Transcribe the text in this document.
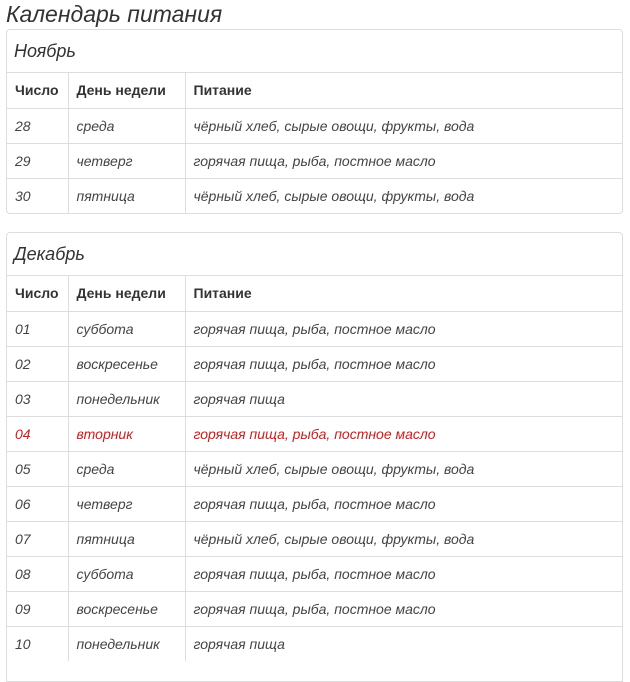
Календарь питания
Ноябрь
Число	День недели	Питание
28	среда	чёрный хлеб, сырые овощи, фрукты, вода
29	четверг	горячая пища, рыба, постное масло
30	пятница	чёрный хлеб, сырые овощи, фрукты, вода
Декабрь
Число	День недели	Питание
01	суббота	горячая пища, рыба, постное масло
02	воскресенье	горячая пища, рыба, постное масло
03	понедельник	горячая пища
04	вторник	горячая пища, рыба, постное масло
05	среда	чёрный хлеб, сырые овощи, фрукты, вода
06	четверг	горячая пища, рыба, постное масло
07	пятница	чёрный хлеб, сырые овощи, фрукты, вода
08	суббота	горячая пища, рыба, постное масло
09	воскресенье	горячая пища, рыба, постное масло
10	понедельник	горячая пища
